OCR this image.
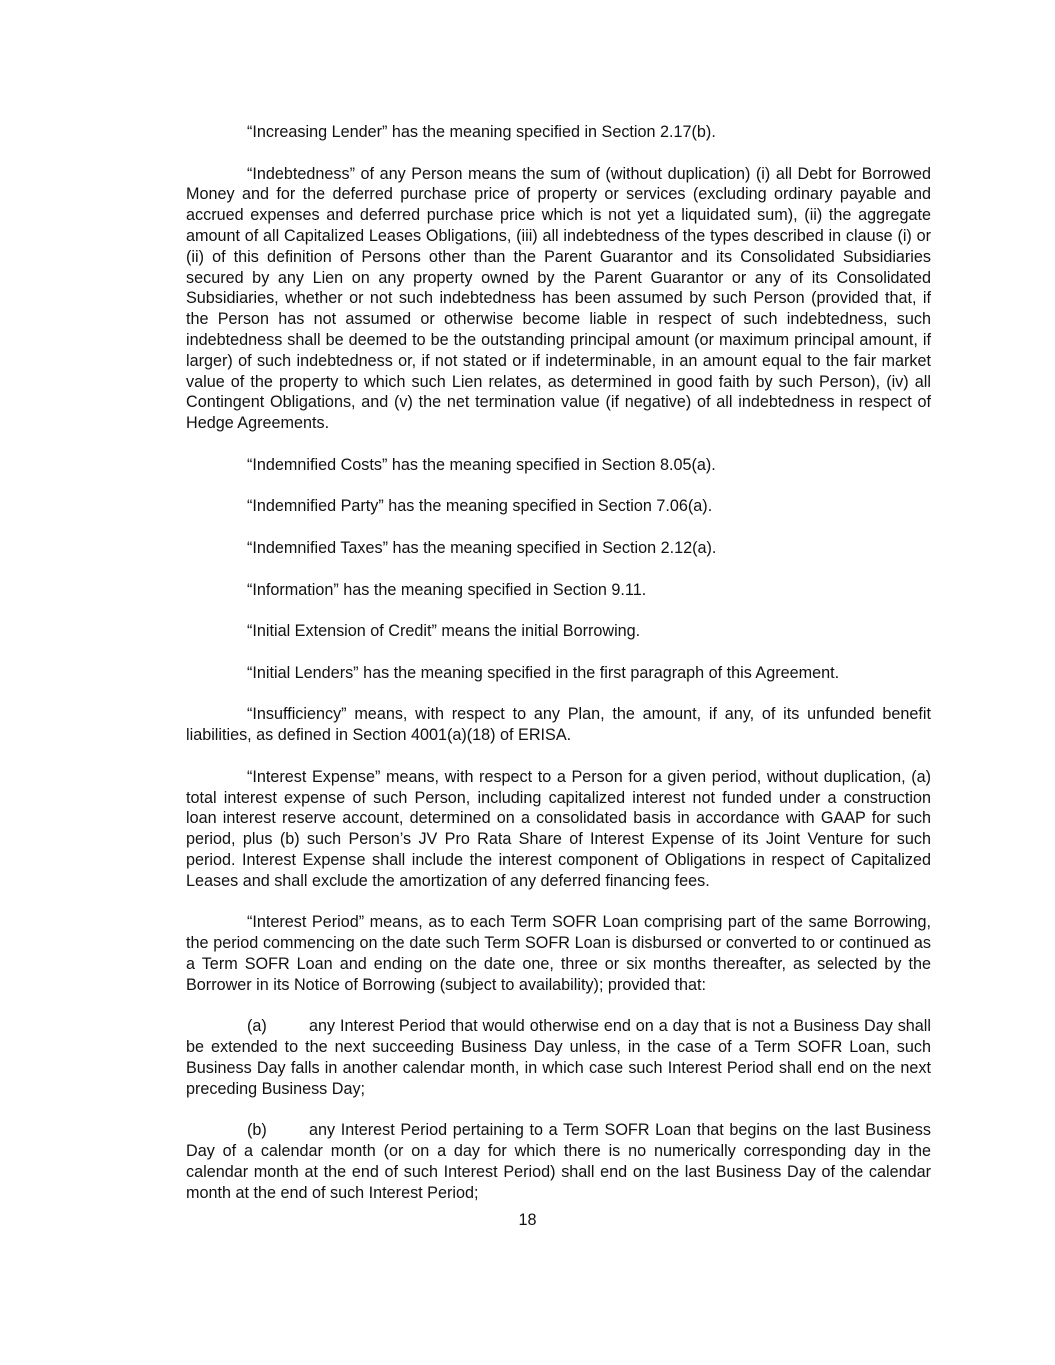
“Increasing Lender” has the meaning specified in Section 2.17(b).

“Indebtedness” of any Person means the sum of (without duplication) (i) all Debt for Borrowed Money and for the deferred purchase price of property or services (excluding ordinary payable and accrued expenses and deferred purchase price which is not yet a liquidated sum), (ii) the aggregate amount of all Capitalized Leases Obligations, (iii) all indebtedness of the types described in clause (i) or (ii) of this definition of Persons other than the Parent Guarantor and its Consolidated Subsidiaries secured by any Lien on any property owned by the Parent Guarantor or any of its Consolidated Subsidiaries, whether or not such indebtedness has been assumed by such Person (provided that, if the Person has not assumed or otherwise become liable in respect of such indebtedness, such indebtedness shall be deemed to be the outstanding principal amount (or maximum principal amount, if larger) of such indebtedness or, if not stated or if indeterminable, in an amount equal to the fair market value of the property to which such Lien relates, as determined in good faith by such Person), (iv) all Contingent Obligations, and (v) the net termination value (if negative) of all indebtedness in respect of Hedge Agreements.

“Indemnified Costs” has the meaning specified in Section 8.05(a).

“Indemnified Party” has the meaning specified in Section 7.06(a).

“Indemnified Taxes” has the meaning specified in Section 2.12(a).

“Information” has the meaning specified in Section 9.11.

“Initial Extension of Credit” means the initial Borrowing.

“Initial Lenders” has the meaning specified in the first paragraph of this Agreement.

“Insufficiency” means, with respect to any Plan, the amount, if any, of its unfunded benefit liabilities, as defined in Section 4001(a)(18) of ERISA.

“Interest Expense” means, with respect to a Person for a given period, without duplication, (a) total interest expense of such Person, including capitalized interest not funded under a construction loan interest reserve account, determined on a consolidated basis in accordance with GAAP for such period, plus (b) such Person’s JV Pro Rata Share of Interest Expense of its Joint Venture for such period. Interest Expense shall include the interest component of Obligations in respect of Capitalized Leases and shall exclude the amortization of any deferred financing fees.

“Interest Period” means, as to each Term SOFR Loan comprising part of the same Borrowing, the period commencing on the date such Term SOFR Loan is disbursed or converted to or continued as a Term SOFR Loan and ending on the date one, three or six months thereafter, as selected by the Borrower in its Notice of Borrowing (subject to availability); provided that:

(a)	any Interest Period that would otherwise end on a day that is not a Business Day shall be extended to the next succeeding Business Day unless, in the case of a Term SOFR Loan, such Business Day falls in another calendar month, in which case such Interest Period shall end on the next preceding Business Day;

(b)	any Interest Period pertaining to a Term SOFR Loan that begins on the last Business Day of a calendar month (or on a day for which there is no numerically corresponding day in the calendar month at the end of such Interest Period) shall end on the last Business Day of the calendar month at the end of such Interest Period;

18
